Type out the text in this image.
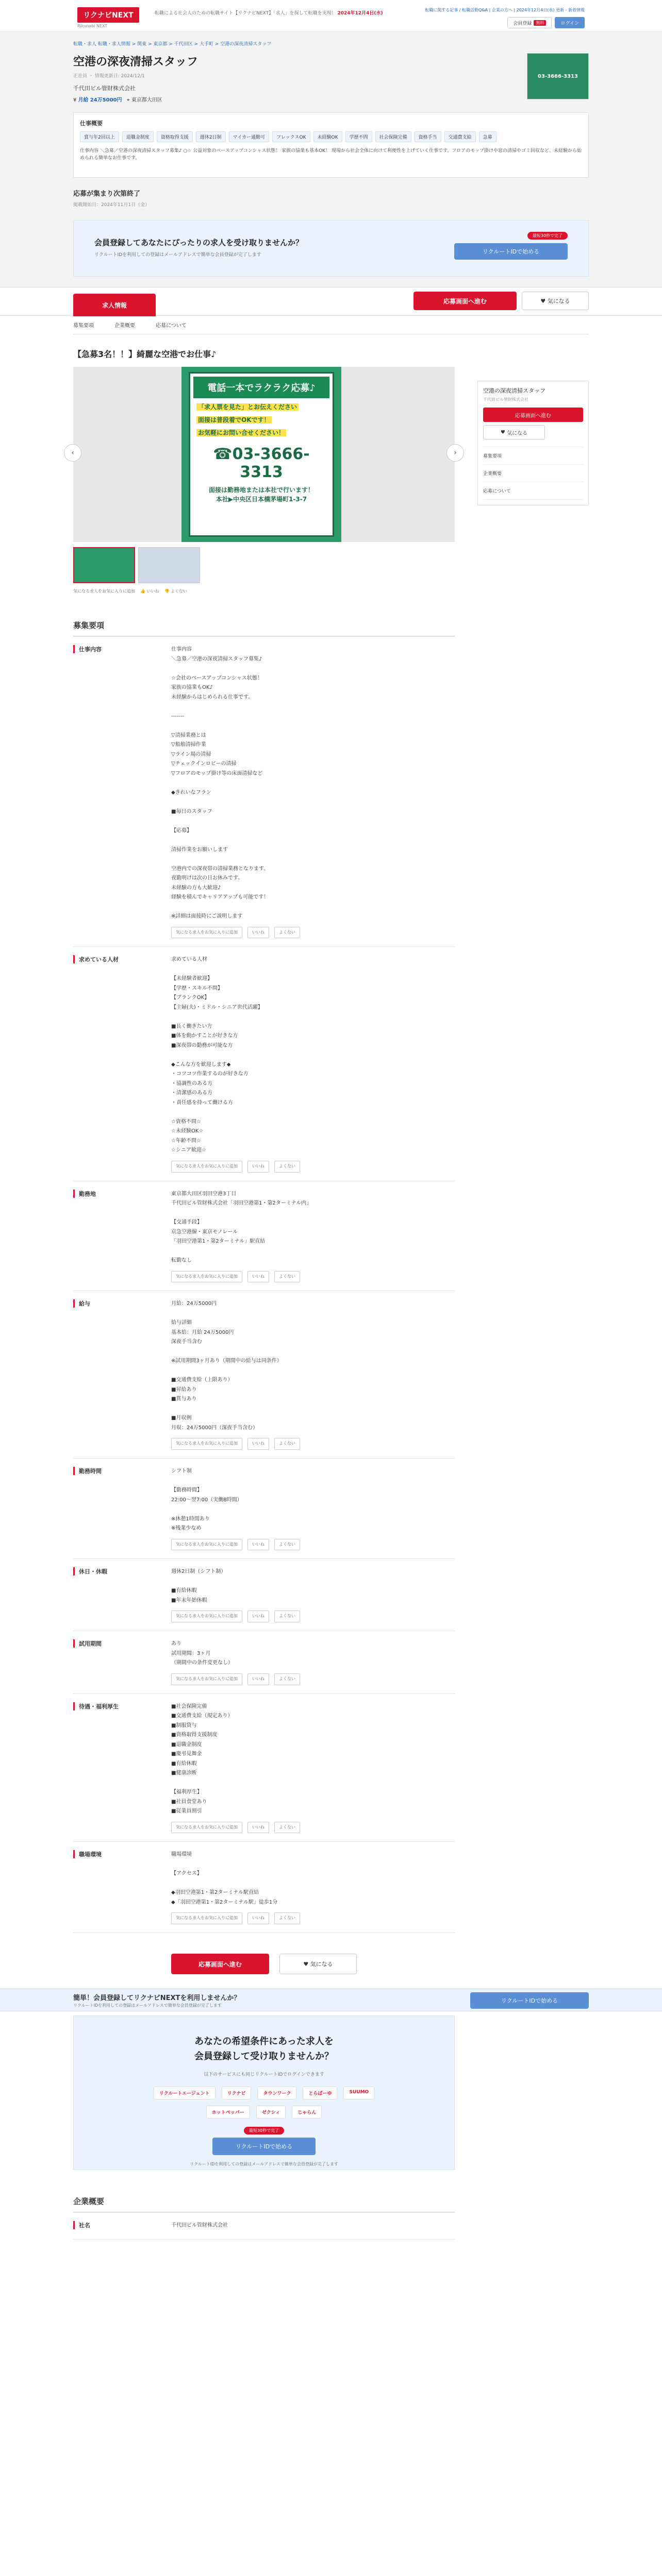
リクナビNEXT
Rikunabi NEXT
転職による社会人のための転職サイト【リクナビNEXT】「求人」を探して転職を実現！ 2024年12月4日(水)
転職に関する記事 / 転職活動Q&A | 企業の方へ | 2024年12月4日(水) 更新 - 新着情報
会員登録	無料	ログイン
転職・求人 転職・求人情報 > 関東 > 東京都 > 千代田区 > 大手町 > 空港の深夜清掃スタッフ
空港の深夜清掃スタッフ
正社員 ・ 情報更新日: 2024/12/1
千代田ビル管財株式会社
¥ 月給 24万5000円 ⌖ 東京都大田区
03-3666-3313
仕事概要
賞与年2回以上	退職金制度	資格取得支援	週休2日制	マイカー通勤可	フレックスOK	未経験OK	学歴不問	社会保険完備	資格手当	交通費支給	急募
仕事内容 ＼急募／空港の深夜清掃スタッフ募集♪ ○☆ 公益対象のベースアップコンシャス状態！ 家族の協業も基本OK！ 現場から社会全体に向けて利便性を上げていく仕事です。フロアのモップ掛けや窓の清掃やゴミ回収など、未経験から始められる簡単なお仕事です。
応募が集まり次第終了
掲載開始日：2024年11月1日（金）
会員登録してあなたにぴったりの求人を受け取りませんか？

リクルートIDを利用しての登録はメールアドレスで簡単な会員登録が完了します

最短30秒で完了
リクルートIDで始める
求人情報
応募画面へ進む	♥
気になる
募集要項	企業概要	応募について
【急募3名！！】綺麗な空港でお仕事♪
電話一本でラクラク応募♪
「求人票を見た」とお伝えください
面接は普段着でOKです！
お気軽にお問い合せください！
☎03-3666-3313
面接は勤務地または本社で行います！
本社▶中央区日本橋茅場町1-3-7
‹	›
気になる求人をお気に入りに追加 👍 いいね 👎 よくない
空港の深夜清掃スタッフ
千代田ビル管財株式会社
応募画面へ進む
♥
気になる
募集要項
企業概要
応募について
募集要項
仕事内容	仕事内容
＼急募／空港の深夜清掃スタッフ募集♪

☆会社のベースアップコンシャス状態！
家族の協業もOK♪
未経験からはじめられる仕事です。

-------

▽清掃業務とは
▽船舶清掃作業
▽ライン場の清掃
▽チェックインロビーの清掃
▽フロアのモップ掛け等の床面清掃など

◆きれいなフラン

■毎日のスタッフ

【応募】

清掃作業をお願いします

空港内での深夜帯の清掃業務となります。
夜勤明けは次の日お休みです。
未経験の方も大歓迎♪
経験を積んでキャリアアップも可能です！

※詳細は面接時にご説明します
気になる求人をお気に入りに追加	いいね	よくない
求めている人材	求めている人材

【未経験者歓迎】
【学歴・スキル不問】
【ブランクOK】
【主婦(夫)・ミドル・シニア世代活躍】

■長く働きたい方
■体を動かすことが好きな方
■深夜帯の勤務が可能な方

◆こんな方を歓迎します◆
・コツコツ作業するのが好きな方
・協調性のある方
・清潔感のある方
・責任感を持って働ける方

☆資格不問☆
☆未経験OK☆
☆年齢不問☆
☆シニア歓迎☆
気になる求人をお気に入りに追加	いいね	よくない
勤務地	東京都大田区羽田空港3丁目
千代田ビル管財株式会社「羽田空港第1・第2ターミナル内」

【交通手段】
京急空港線・東京モノレール
「羽田空港第1・第2ターミナル」駅直結

転勤なし
気になる求人をお気に入りに追加	いいね	よくない
給与	月給：24万5000円

給与詳細
基本給：月給 24万5000円
深夜手当含む

※試用期間3ヶ月あり（期間中の給与は同条件）

■交通費支給（上限あり）
■昇給あり
■賞与あり

■月収例
月収：24万5000円（深夜手当含む）
気になる求人をお気に入りに追加	いいね	よくない
勤務時間	シフト制

【勤務時間】
22:00〜翌7:00（実働8時間）

※休憩1時間あり
※残業少なめ
気になる求人をお気に入りに追加	いいね	よくない
休日・休暇	週休2日制（シフト制）

■有給休暇
■年末年始休暇
気になる求人をお気に入りに追加	いいね	よくない
試用期間	あり
試用期間：3ヶ月
（期間中の条件変更なし）
気になる求人をお気に入りに追加	いいね	よくない
待遇・福利厚生	■社会保険完備
■交通費支給（規定あり）
■制服貸与
■資格取得支援制度
■退職金制度
■慶弔見舞金
■有給休暇
■健康診断

【福利厚生】
■社員食堂あり
■従業員割引
気になる求人をお気に入りに追加	いいね	よくない
職場環境	職場環境

【アクセス】

◆羽田空港第1・第2ターミナル駅直結
◆「羽田空港第1・第2ターミナル駅」徒歩1分
気になる求人をお気に入りに追加	いいね	よくない
応募画面へ進む	♥
気になる
あなたの希望条件にあった求人を
会員登録して受け取りませんか？
以下のサービスにも同じリクルートIDでログインできます
リクルートエージェント	リクナビ	タウンワーク	とらばーゆ	SUUMO
ホットペッパー	ゼクシィ	じゃらん
最短30秒で完了
リクルートIDで始める
リクルートIDを利用しての登録はメールアドレスで簡単な会員登録が完了します
企業概要
社名	千代田ビル管財株式会社
簡単！会員登録してリクナビNEXTを利用しませんか？
リクルートIDを利用しての登録はメールアドレスで簡単な会員登録が完了します
リクルートIDで始める
